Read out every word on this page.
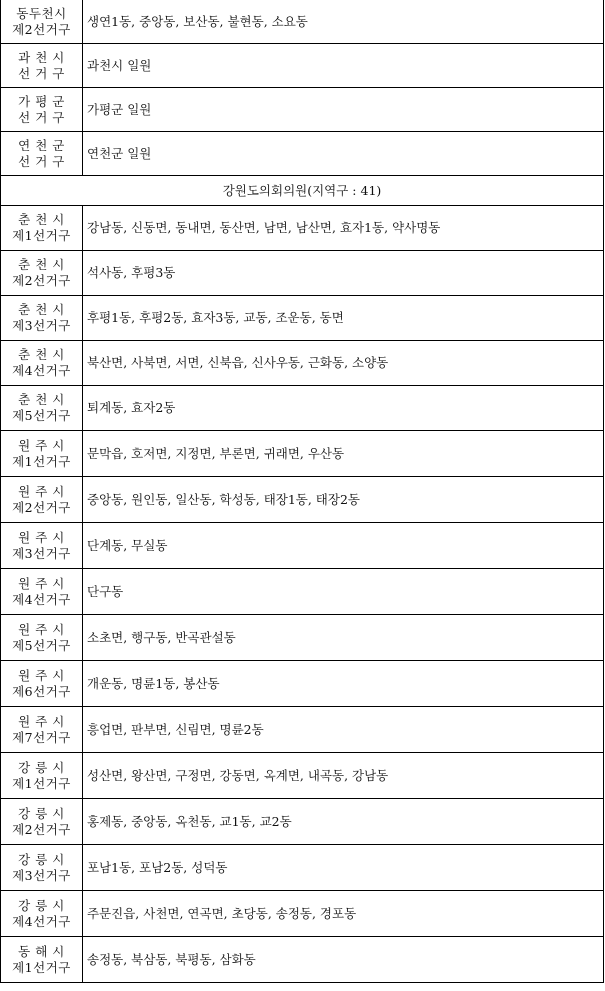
동두천시
제2선거구	생연1동, 중앙동, 보산동, 불현동, 소요동

과 천 시
선 거 구	과천시 일원

가 평 군
선 거 구	가평군 일원

연 천 군
선 거 구	연천군 일원
강원도의회의원(지역구 : 41)	

춘 천 시
제1선거구	강남동, 신동면, 동내면, 동산면, 남면, 남산면, 효자1동, 약사명동

춘 천 시
제2선거구	석사동, 후평3동

춘 천 시
제3선거구	후평1동, 후평2동, 효자3동, 교동, 조운동, 동면

춘 천 시
제4선거구	북산면, 사북면, 서면, 신북읍, 신사우동, 근화동, 소양동

춘 천 시
제5선거구	퇴계동, 효자2동

원 주 시
제1선거구	문막읍, 호저면, 지정면, 부론면, 귀래면, 우산동

원 주 시
제2선거구	중앙동, 원인동, 일산동, 학성동, 태장1동, 태장2동

원 주 시
제3선거구	단계동, 무실동

원 주 시
제4선거구	단구동

원 주 시
제5선거구	소초면, 행구동, 반곡관설동

원 주 시
제6선거구	개운동, 명륜1동, 봉산동

원 주 시
제7선거구	흥업면, 판부면, 신림면, 명륜2동

강 릉 시
제1선거구	성산면, 왕산면, 구정면, 강동면, 옥계면, 내곡동, 강남동

강 릉 시
제2선거구	홍제동, 중앙동, 옥천동, 교1동, 교2동

강 릉 시
제3선거구	포남1동, 포남2동, 성덕동

강 릉 시
제4선거구	주문진읍, 사천면, 연곡면, 초당동, 송정동, 경포동

동 해 시
제1선거구	송정동, 북삼동, 북평동, 삼화동
